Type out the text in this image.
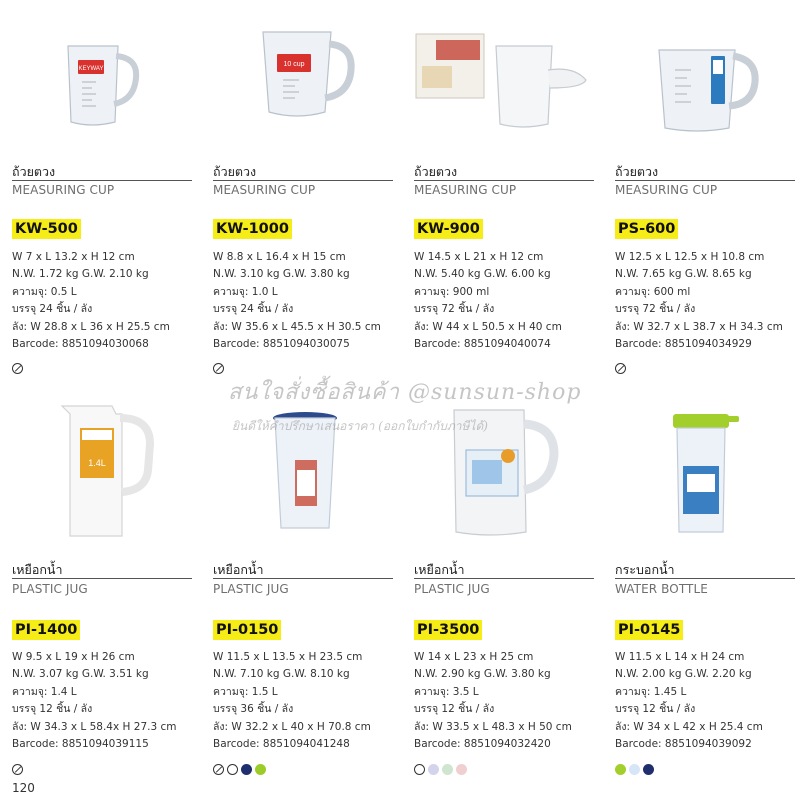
KEYWAY
ถ้วยตวง
MEASURING CUP
KW-500
W 7 x L 13.2 x H 12 cm
N.W. 1.72 kg G.W. 2.10 kg
ความจุ: 0.5 L
บรรจุ 24 ชิ้น / ลัง
ลัง: W 28.8 x L 36 x H 25.5 cm
Barcode: 8851094030068
10 cup
ถ้วยตวง
MEASURING CUP
KW-1000
W 8.8 x L 16.4 x H 15 cm
N.W. 3.10 kg G.W. 3.80 kg
ความจุ: 1.0 L
บรรจุ 24 ชิ้น / ลัง
ลัง: W 35.6 x L 45.5 x H 30.5 cm
Barcode: 8851094030075
ถ้วยตวง
MEASURING CUP
KW-900
W 14.5 x L 21 x H 12 cm
N.W. 5.40 kg G.W. 6.00 kg
ความจุ: 900 ml
บรรจุ 72 ชิ้น / ลัง
ลัง: W 44 x L 50.5 x H 40 cm
Barcode: 8851094040074
ถ้วยตวง
MEASURING CUP
PS-600
W 12.5 x L 12.5 x H 10.8 cm
N.W. 7.65 kg G.W. 8.65 kg
ความจุ: 600 ml
บรรจุ 72 ชิ้น / ลัง
ลัง: W 32.7 x L 38.7 x H 34.3 cm
Barcode: 8851094034929
1.4L
เหยือกน้ำ
PLASTIC JUG
PI-1400
W 9.5 x L 19 x H 26 cm
N.W. 3.07 kg G.W. 3.51 kg
ความจุ: 1.4 L
บรรจุ 12 ชิ้น / ลัง
ลัง: W 34.3 x L 58.4x H 27.3 cm
Barcode: 8851094039115
เหยือกน้ำ
PLASTIC JUG
PI-0150
W 11.5 x L 13.5 x H 23.5 cm
N.W. 7.10 kg G.W. 8.10 kg
ความจุ: 1.5 L
บรรจุ 36 ชิ้น / ลัง
ลัง: W 32.2 x L 40 x H 70.8 cm
Barcode: 8851094041248
เหยือกน้ำ
PLASTIC JUG
PI-3500
W 14 x L 23 x H 25 cm
N.W. 2.90 kg G.W. 3.80 kg
ความจุ: 3.5 L
บรรจุ 12 ชิ้น / ลัง
ลัง: W 33.5 x L 48.3 x H 50 cm
Barcode: 8851094032420
กระบอกน้ำ
WATER BOTTLE
PI-0145
W 11.5 x L 14 x H 24 cm
N.W. 2.00 kg G.W. 2.20 kg
ความจุ: 1.45 L
บรรจุ 12 ชิ้น / ลัง
ลัง: W 34 x L 42 x H 25.4 cm
Barcode: 8851094039092
สนใจสั่งซื้อสินค้า @sunsun-shop
ยินดีให้คำปรึกษาเสนอราคา (ออกใบกำกับภาษีได้)
120
